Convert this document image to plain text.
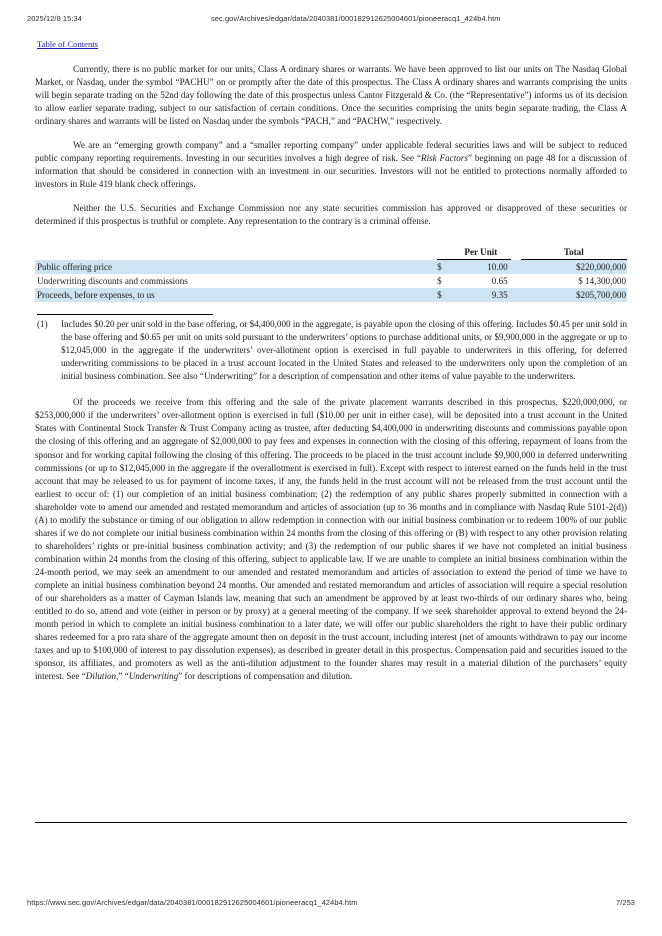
2025/12/8 15:34	sec.gov/Archives/edgar/data/2040381/000182912625004601/pioneeracq1_424b4.htm
Table of Contents

Currently, there is no public market for our units, Class A ordinary shares or warrants. We have been approved to list our units on The Nasdaq Global Market, or Nasdaq, under the symbol “PACHU” on or promptly after the date of this prospectus. The Class A ordinary shares and warrants comprising the units will begin separate trading on the 52nd day following the date of this prospectus unless Cantor Fitzgerald & Co. (the “Representative”) informs us of its decision to allow earlier separate trading, subject to our satisfaction of certain conditions. Once the securities comprising the units begin separate trading, the Class A ordinary shares and warrants will be listed on Nasdaq under the symbols “PACH,” and “PACHW,” respectively.

We are an “emerging growth company” and a “smaller reporting company” under applicable federal securities laws and will be subject to reduced public company reporting requirements. Investing in our securities involves a high degree of risk. See “Risk Factors” beginning on page 48 for a discussion of information that should be considered in connection with an investment in our securities. Investors will not be entitled to protections normally afforded to investors in Rule 419 blank check offerings.

Neither the U.S. Securities and Exchange Commission nor any state securities commission has approved or disapproved of these securities or determined if this prospectus is truthful or complete. Any representation to the contrary is a criminal offense.

		Per Unit		Total
Public offering price	$	10.00		$220,000,000
Underwriting discounts and commissions	$	0.65		$ 14,300,000
Proceeds, before expenses, to us	$	9.35		$205,700,000
(1) Includes $0.20 per unit sold in the base offering, or $4,400,000 in the aggregate, is payable upon the closing of this offering. Includes $0.45 per unit sold in the base offering and $0.65 per unit on units sold pursuant to the underwriters’ options to purchase additional units, or $9,900,000 in the aggregate or up to $12,045,000 in the aggregate if the underwriters’ over-allotment option is exercised in full payable to underwriters in this offering, for deferred underwriting commissions to be placed in a trust account located in the United States and released to the underwriters only upon the completion of an initial business combination. See also “Underwriting” for a description of compensation and other items of value payable to the underwriters.

Of the proceeds we receive from this offering and the sale of the private placement warrants described in this prospectus, $220,000,000, or $253,000,000 if the underwriters’ over-allotment option is exercised in full ($10.00 per unit in either case), will be deposited into a trust account in the United States with Continental Stock Transfer & Trust Company acting as trustee, after deducting $4,400,000 in underwriting discounts and commissions payable upon the closing of this offering and an aggregate of $2,000,000 to pay fees and expenses in connection with the closing of this offering, repayment of loans from the sponsor and for working capital following the closing of this offering. The proceeds to be placed in the trust account include $9,900,000 in deferred underwriting commissions (or up to $12,045,000 in the aggregate if the overallotment is exercised in full). Except with respect to interest earned on the funds held in the trust account that may be released to us for payment of income taxes, if any, the funds held in the trust account will not be released from the trust account until the earliest to occur of: (1) our completion of an initial business combination; (2) the redemption of any public shares properly submitted in connection with a shareholder vote to amend our amended and restated memorandum and articles of association (up to 36 months and in compliance with Nasdaq Rule 5101-2(d)) (A) to modify the substance or timing of our obligation to allow redemption in connection with our initial business combination or to redeem 100% of our public shares if we do not complete our initial business combination within 24 months from the closing of this offering or (B) with respect to any other provision relating to shareholders’ rights or pre-initial business combination activity; and (3) the redemption of our public shares if we have not completed an initial business combination within 24 months from the closing of this offering, subject to applicable law. If we are unable to complete an initial business combination within the 24-month period, we may seek an amendment to our amended and restated memorandum and articles of association to extend the period of time we have to complete an initial business combination beyond 24 months. Our amended and restated memorandum and articles of association will require a special resolution of our shareholders as a matter of Cayman Islands law, meaning that such an amendment be approved by at least two-thirds of our ordinary shares who, being entitled to do so, attend and vote (either in person or by proxy) at a general meeting of the company. If we seek shareholder approval to extend beyond the 24-month period in which to complete an initial business combination to a later date, we will offer our public shareholders the right to have their public ordinary shares redeemed for a pro rata share of the aggregate amount then on deposit in the trust account, including interest (net of amounts withdrawn to pay our income taxes and up to $100,000 of interest to pay dissolution expenses), as described in greater detail in this prospectus. Compensation paid and securities issued to the sponsor, its affiliates, and promoters as well as the anti-dilution adjustment to the founder shares may result in a material dilution of the purchasers’ equity interest. See “Dilution,” “Underwriting” for descriptions of compensation and dilution.

https://www.sec.gov/Archives/edgar/data/2040381/000182912625004601/pioneeracq1_424b4.htm	7/253
